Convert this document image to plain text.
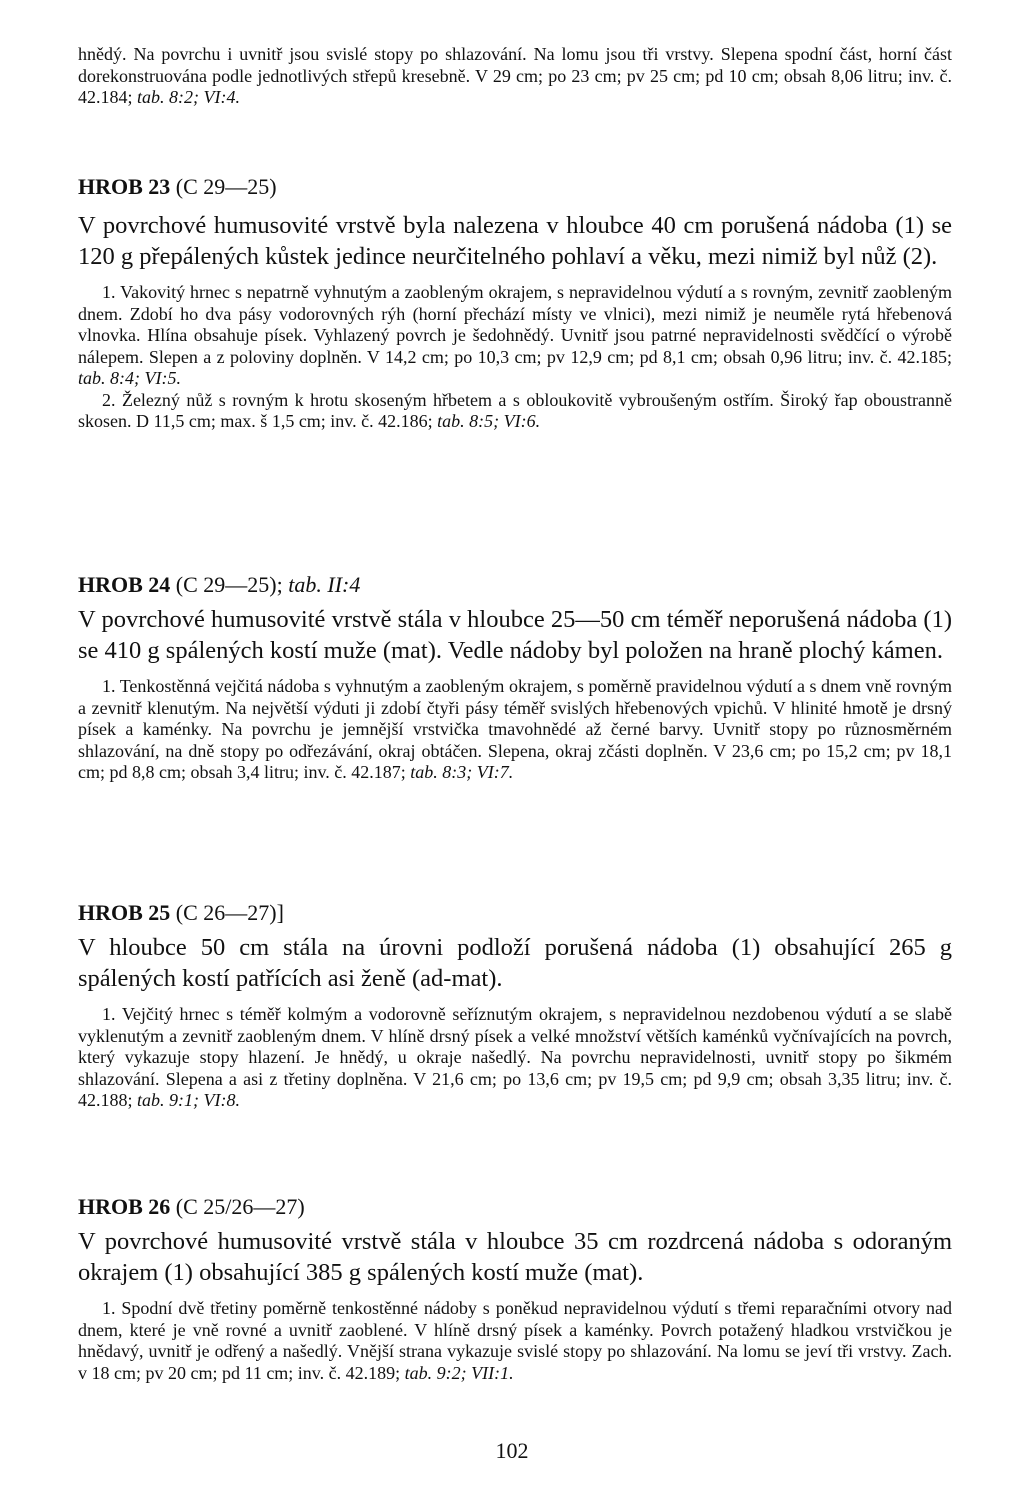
hnědý. Na povrchu i uvnitř jsou svislé stopy po shlazování. Na lomu jsou tři vrstvy. Slepena spodní část, horní část dorekonstruována podle jednotlivých střepů kresebně. V 29 cm; po 23 cm; pv 25 cm; pd 10 cm; obsah 8,06 litru; inv. č. 42.184; tab. 8:2; VI:4.

HROB 23 (C 29—25)

V povrchové humusovité vrstvě byla nalezena v hloubce 40 cm porušená nádoba (1) se 120 g přepálených kůstek jedince neurčitelného pohlaví a věku, mezi nimiž byl nůž (2).

1. Vakovitý hrnec s nepatrně vyhnutým a zaobleným okrajem, s nepravidelnou výdutí a s rovným, zevnitř zaobleným dnem. Zdobí ho dva pásy vodorovných rýh (horní přechází místy ve vlnici), mezi nimiž je neuměle rytá hřebenová vlnovka. Hlína obsahuje písek. Vyhlazený povrch je šedohnědý. Uvnitř jsou patrné nepravidelnosti svědčící o výrobě nálepem. Slepen a z poloviny doplněn. V 14,2 cm; po 10,3 cm; pv 12,9 cm; pd 8,1 cm; obsah 0,96 litru; inv. č. 42.185; tab. 8:4; VI:5.

2. Železný nůž s rovným k hrotu skoseným hřbetem a s obloukovitě vybroušeným ostřím. Široký řap oboustranně skosen. D 11,5 cm; max. š 1,5 cm; inv. č. 42.186; tab. 8:5; VI:6.

HROB 24 (C 29—25); tab. II:4

V povrchové humusovité vrstvě stála v hloubce 25—50 cm téměř neporušená nádoba (1) se 410 g spálených kostí muže (mat). Vedle nádoby byl položen na hraně plochý kámen.

1. Tenkostěnná vejčitá nádoba s vyhnutým a zaobleným okrajem, s poměrně pravidelnou výdutí a s dnem vně rovným a zevnitř klenutým. Na největší výduti ji zdobí čtyři pásy téměř svislých hřebenových vpichů. V hlinité hmotě je drsný písek a kaménky. Na povrchu je jemnější vrstvička tmavohnědé až černé barvy. Uvnitř stopy po různosměrném shlazování, na dně stopy po odřezávání, okraj obtáčen. Slepena, okraj zčásti doplněn. V 23,6 cm; po 15,2 cm; pv 18,1 cm; pd 8,8 cm; obsah 3,4 litru; inv. č. 42.187; tab. 8:3; VI:7.

HROB 25 (C 26—27)]

V hloubce 50 cm stála na úrovni podloží porušená nádoba (1) obsahující 265 g spálených kostí patřících asi ženě (ad-mat).

1. Vejčitý hrnec s téměř kolmým a vodorovně seříznutým okrajem, s nepravidelnou nezdobenou výdutí a se slabě vyklenutým a zevnitř zaobleným dnem. V hlíně drsný písek a velké množství větších kaménků vyčnívajících na povrch, který vykazuje stopy hlazení. Je hnědý, u okraje našedlý. Na povrchu nepravidelnosti, uvnitř stopy po šikmém shlazování. Slepena a asi z třetiny doplněna. V 21,6 cm; po 13,6 cm; pv 19,5 cm; pd 9,9 cm; obsah 3,35 litru; inv. č. 42.188; tab. 9:1; VI:8.

HROB 26 (C 25/26—27)

V povrchové humusovité vrstvě stála v hloubce 35 cm rozdrcená nádoba s odoraným okrajem (1) obsahující 385 g spálených kostí muže (mat).

1. Spodní dvě třetiny poměrně tenkostěnné nádoby s poněkud nepravidelnou výdutí s třemi reparačními otvory nad dnem, které je vně rovné a uvnitř zaoblené. V hlíně drsný písek a kaménky. Povrch potažený hladkou vrstvičkou je hnědavý, uvnitř je odřený a našedlý. Vnější strana vykazuje svislé stopy po shlazování. Na lomu se jeví tři vrstvy. Zach. v 18 cm; pv 20 cm; pd 11 cm; inv. č. 42.189; tab. 9:2; VII:1.

102
